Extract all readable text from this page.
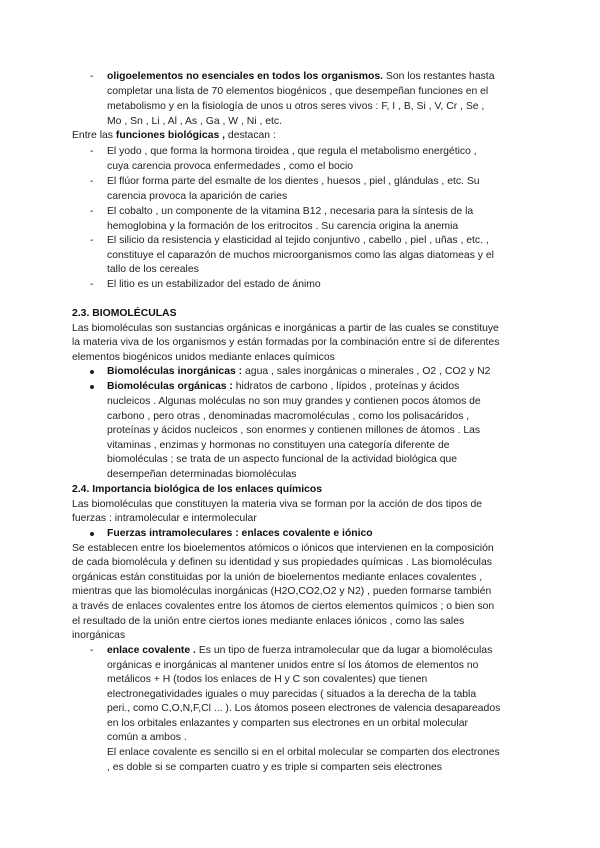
- oligoelementos no esenciales en todos los organismos. Son los restantes hasta
completar una lista de 70 elementos biogénicos , que desempeñan funciones en el
metabolismo y en la fisiología de unos u otros seres vivos : F, I , B, Si , V, Cr , Se ,
Mo , Sn , Li , Al , As , Ga , W , Ni , etc.
Entre las funciones biológicas , destacan :
- El yodo , que forma la hormona tiroidea , que regula el metabolismo energético ,
cuya carencia provoca enfermedades , como el bocio
- El flúor forma parte del esmalte de los dientes , huesos , piel , glándulas , etc. Su
carencia provoca la aparición de caries
- El cobalto , un componente de la vitamina B12 , necesaria para la síntesis de la
hemoglobina y la formación de los eritrocitos . Su carencia origina la anemia
- El silicio da resistencia y elasticidad al tejido conjuntivo , cabello , piel , uñas , etc. ,
constituye el caparazón de muchos microorganismos como las algas diatomeas y el
tallo de los cereales
- El litio es un estabilizador del estado de ánimo
2.3. BIOMOLÉCULAS
Las biomoléculas son sustancias orgánicas e inorgánicas a partir de las cuales se constituye
la materia viva de los organismos y están formadas por la combinación entre sí de diferentes
elementos biogénicos unidos mediante enlaces químicos
Biomoléculas inorgánicas : agua , sales inorgánicas o minerales , O2 , CO2 y N2
Biomoléculas orgánicas : hidratos de carbono , lípidos , proteínas y ácidos
nucleicos . Algunas moléculas no son muy grandes y contienen pocos átomos de
carbono , pero otras , denominadas macromoléculas , como los polisacáridos ,
proteínas y ácidos nucleicos , son enormes y contienen millones de átomos . Las
vitaminas , enzimas y hormonas no constituyen una categoría diferente de
biomoléculas ; se trata de un aspecto funcional de la actividad biológica que
desempeñan determinadas biomoléculas
2.4. Importancia biológica de los enlaces químicos
Las biomoléculas que constituyen la materia viva se forman por la acción de dos tipos de
fuerzas : intramolecular e intermolecular
Fuerzas intramoleculares : enlaces covalente e iónico
Se establecen entre los bioelementos atómicos o iónicos que intervienen en la composición
de cada biomolécula y definen su identidad y sus propiedades químicas . Las biomoléculas
orgánicas están constituidas por la unión de bioelementos mediante enlaces covalentes ,
mientras que las biomoléculas inorgánicas (H2O,CO2,O2 y N2) , pueden formarse también
a través de enlaces covalentes entre los átomos de ciertos elementos químicos ; o bien son
el resultado de la unión entre ciertos iones mediante enlaces iónicos , como las sales
inorgánicas
- enlace covalente . Es un tipo de fuerza intramolecular que da lugar a biomoléculas
orgánicas e inorgánicas al mantener unidos entre sí los átomos de elementos no
metálicos + H (todos los enlaces de H y C son covalentes) que tienen
electronegatividades iguales o muy parecidas ( situados a la derecha de la tabla
peri., como C,O,N,F,Cl ... ). Los átomos poseen electrones de valencia desapareados
en los orbitales enlazantes y comparten sus electrones en un orbital molecular
común a ambos .
El enlace covalente es sencillo si en el orbital molecular se comparten dos electrones
, es doble si se comparten cuatro y es triple si comparten seis electrones
